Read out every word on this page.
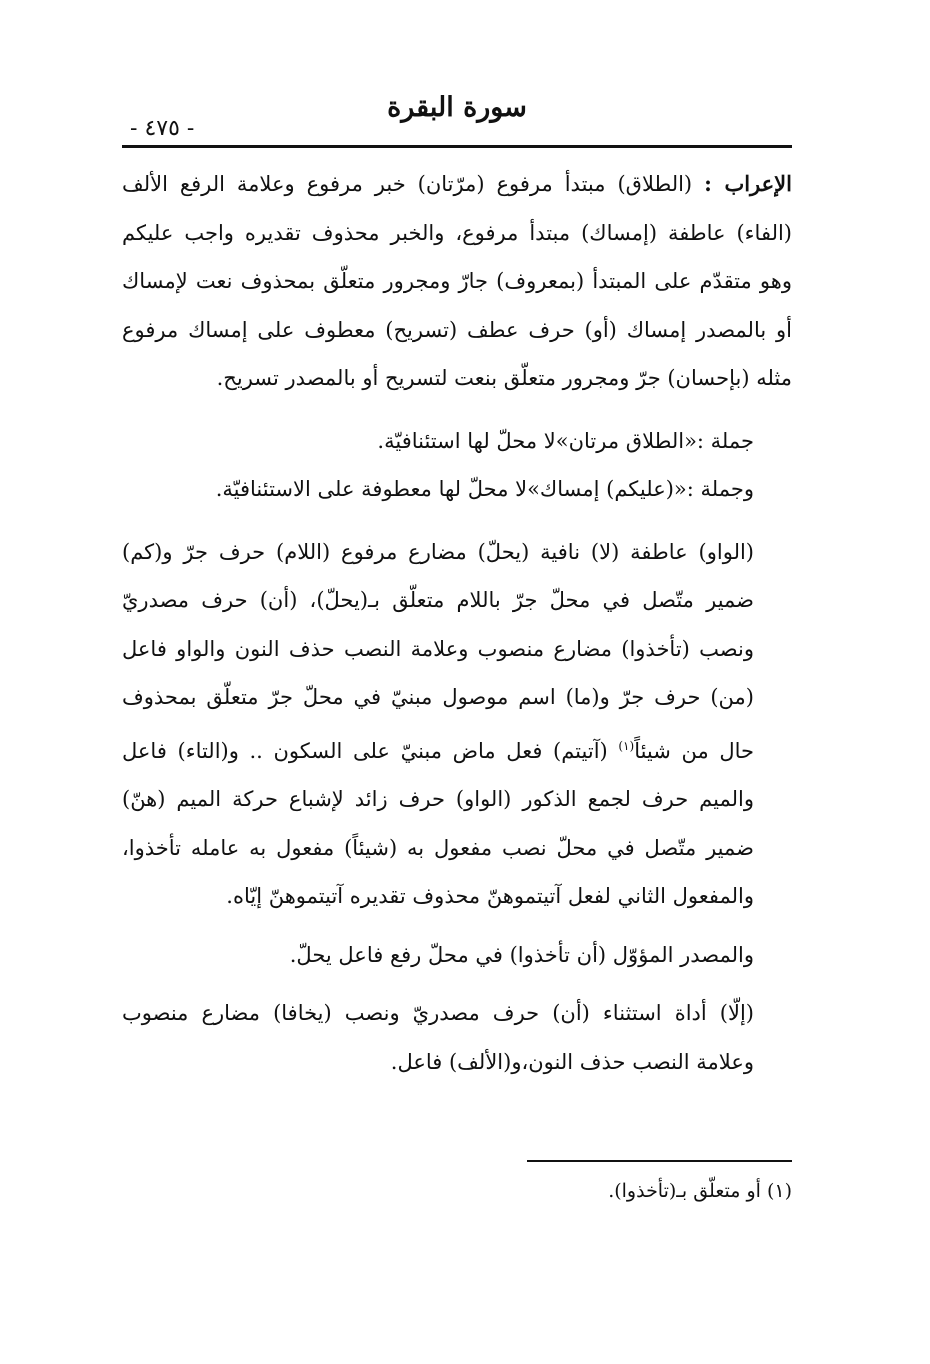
سورة البقرة
- ٤٧٥ -

الإعراب : (الطلاق) مبتدأ مرفوع (مرّتان) خبر مرفوع وعلامة الرفع الألف (الفاء) عاطفة (إمساك) مبتدأ مرفوع، والخبر محذوف تقديره واجب عليكم وهو متقدّم على المبتدأ (بمعروف) جارّ ومجرور متعلّق بمحذوف نعت لإمساك أو بالمصدر إمساك (أو) حرف عطف (تسريح) معطوف على إمساك مرفوع مثله (بإحسان) جرّ ومجرور متعلّق بنعت لتسريح أو بالمصدر تسريح.

جملة :«الطلاق مرتان»لا محلّ لها استئنافيّة.

وجملة :«(عليكم) إمساك»لا محلّ لها معطوفة على الاستئنافيّة.

(الواو) عاطفة (لا) نافية (يحلّ) مضارع مرفوع (اللام) حرف جرّ و(كم) ضمير متّصل في محلّ جرّ باللام متعلّق بـ(يحلّ)، (أن) حرف مصدريّ ونصب (تأخذوا) مضارع منصوب وعلامة النصب حذف النون والواو فاعل (من) حرف جرّ و(ما) اسم موصول مبنيّ في محلّ جرّ متعلّق بمحذوف حال من شيئاً$^{(١)}$ (آتيتم) فعل ماض مبنيّ على السكون .. و(التاء) فاعل والميم حرف لجمع الذكور (الواو) حرف زائد لإشباع حركة الميم (هنّ) ضمير متّصل في محلّ نصب مفعول به (شيئاً) مفعول به عامله تأخذوا، والمفعول الثاني لفعل آتيتموهنّ محذوف تقديره آتيتموهنّ إيّاه.

والمصدر المؤوّل (أن تأخذوا) في محلّ رفع فاعل يحلّ.

(إلّا) أداة استثناء (أن) حرف مصدريّ ونصب (يخافا) مضارع منصوب وعلامة النصب حذف النون،و(الألف) فاعل.

(١) أو متعلّق بـ(تأخذوا).
